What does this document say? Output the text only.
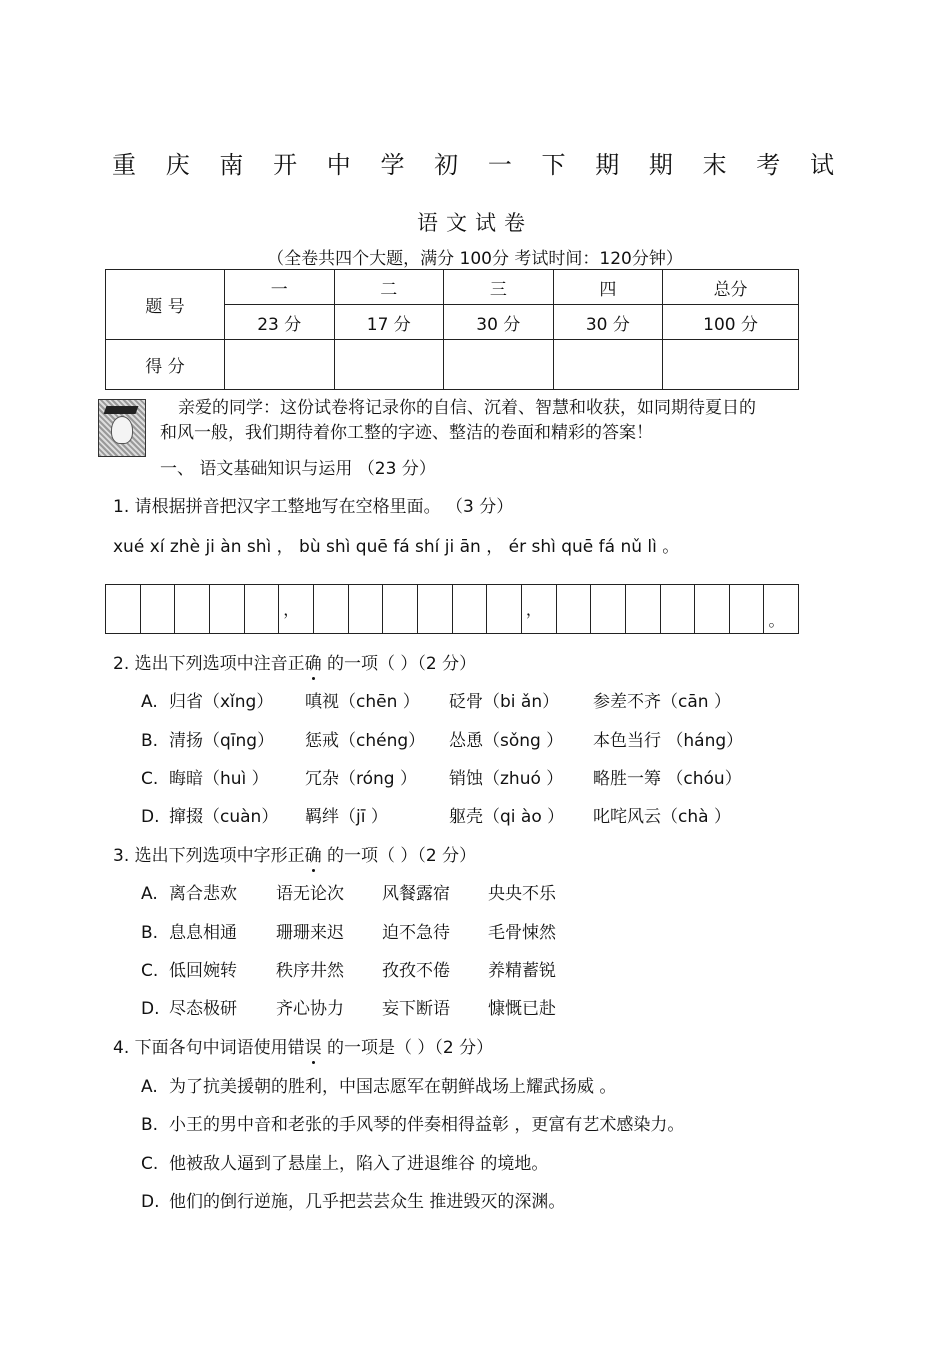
重 庆 南 开 中 学 初 一 下 期 期 末 考 试
语文试卷
（全卷共四个大题，满分 100分 考试时间：120分钟）
题 号	一	二	三	四	总分
	23 分	17 分	30 分	30 分	100 分
得 分					
亲爱的同学：这份试卷将记录你的自信、沉着、智慧和收获，如同期待夏日的
和风一般，我们期待着你工整的字迹、整洁的卷面和精彩的答案！
一、 语文基础知识与运用 （23 分）
1. 请根据拼音把汉字工整地写在空格里面。 （3 分）
xué xí zhè ji àn shì ， bù shì quē fá shí ji ān ， ér shì quē fá nǔ lì 。
，	，
。
2. 选出下列选项中注音正确 的一项（ ）（2 分）
A. 归省（xǐng） 嗔视（chēn ） 砭骨（bi ǎn） 参差不齐（cān ）
B. 清扬（qīng） 惩戒（chéng） 怂恿（sǒng ） 本色当行 （háng）
C. 晦暗（huì ） 冗杂（róng ） 销蚀（zhuó ） 略胜一筹 （chóu）
D. 撺掇（cuàn） 羁绊（jī ）	躯壳（qi ào ） 叱咤风云（chà ）
3. 选出下列选项中字形正确 的一项（ ）（2 分）
A. 离合悲欢 语无论次 风餐露宿 央央不乐
B. 息息相通 珊珊来迟 迫不急待 毛骨悚然
C. 低回婉转 秩序井然 孜孜不倦 养精蓄锐
D. 尽态极研 齐心协力 妄下断语 慷慨已赴
4. 下面各句中词语使用错误 的一项是（ ）（2 分）
A. 为了抗美援朝的胜利，中国志愿军在朝鲜战场上耀武扬威 。
B. 小王的男中音和老张的手风琴的伴奏相得益彰 ，更富有艺术感染力。
C. 他被敌人逼到了悬崖上，陷入了进退维谷 的境地。
D. 他们的倒行逆施，几乎把芸芸众生 推进毁灭的深渊。
